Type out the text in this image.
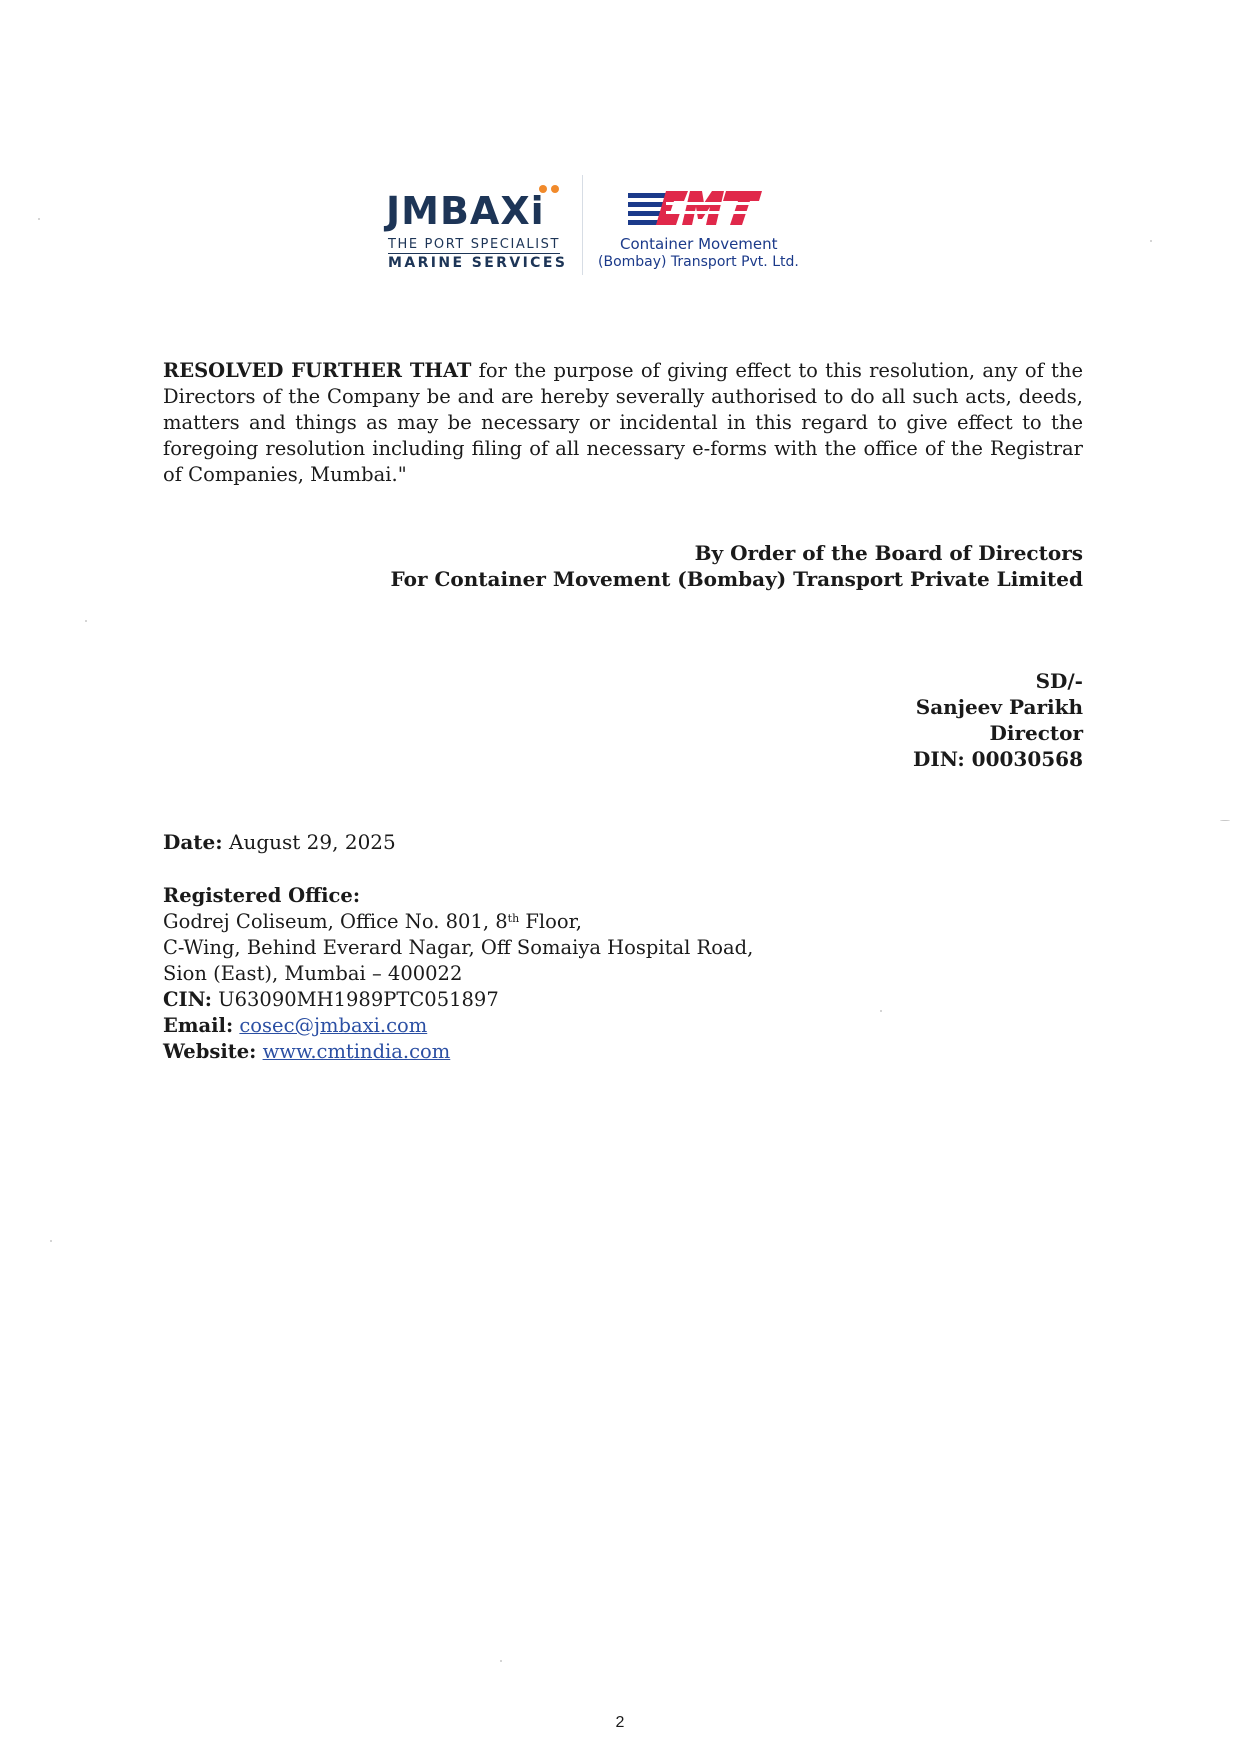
JMBAXi
THE PORT SPECIALIST
MARINE SERVICES
Container Movement
(Bombay) Transport Pvt. Ltd.

RESOLVED FURTHER THAT for the purpose of giving effect to this resolution, any of the Directors of the Company be and are hereby severally authorised to do all such acts, deeds, matters and things as may be necessary or incidental in this regard to give effect to the foregoing resolution including filing of all necessary e-forms with the office of the Registrar of Companies, Mumbai."

By Order of the Board of Directors
For Container Movement (Bombay) Transport Private Limited
SD/-
Sanjeev Parikh
Director
DIN: 00030568
Date: August 29, 2025
Registered Office:
Godrej Coliseum, Office No. 801, 8th Floor,
C-Wing, Behind Everard Nagar, Off Somaiya Hospital Road,
Sion (East), Mumbai – 400022
CIN: U63090MH1989PTC051897
Email: cosec@jmbaxi.com
Website: www.cmtindia.com
2
